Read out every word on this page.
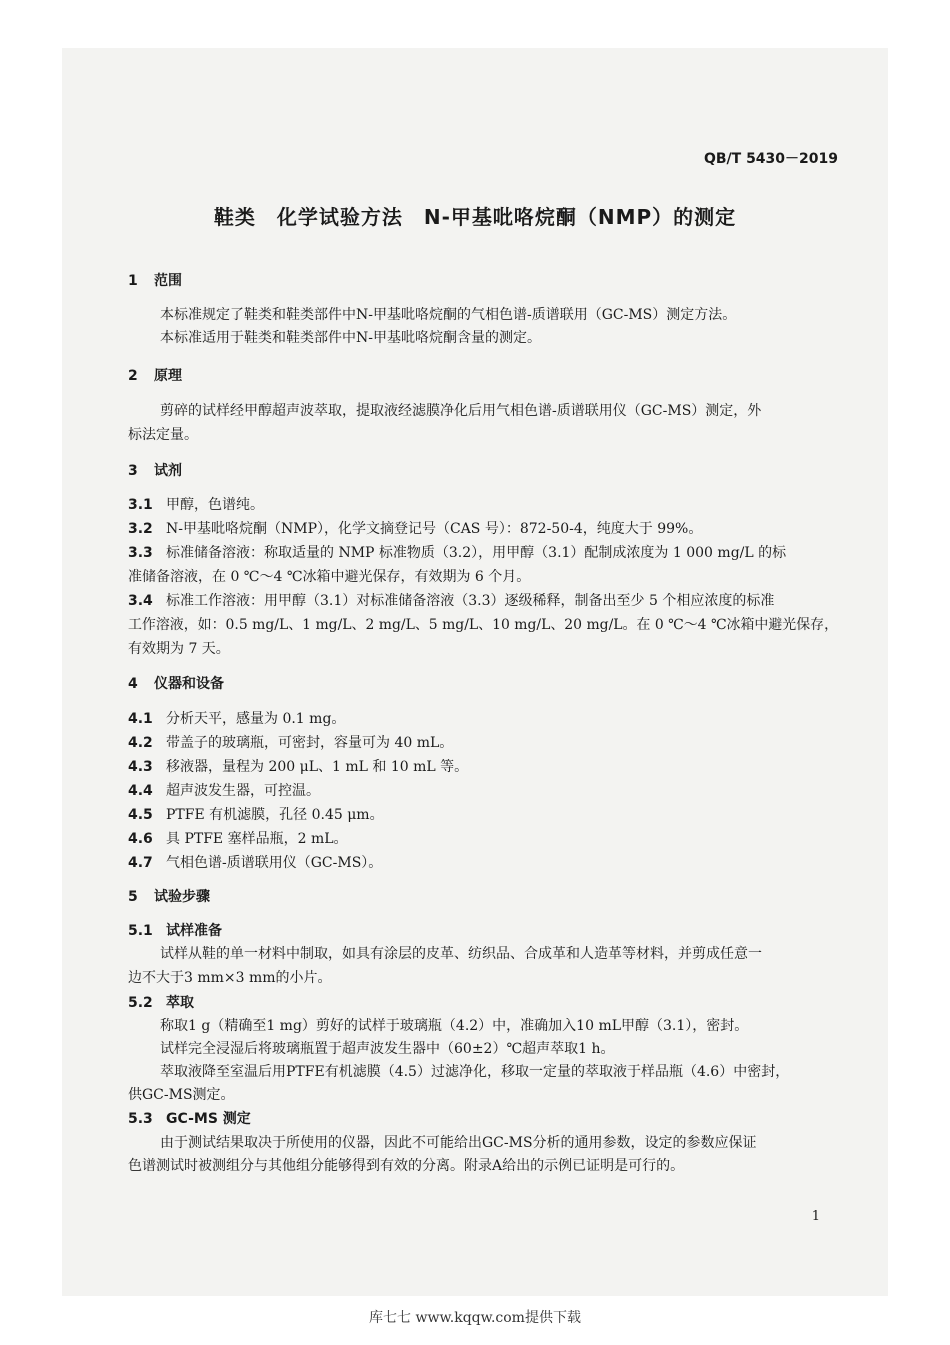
QB/T 5430－2019
鞋类　化学试验方法　N-甲基吡咯烷酮（NMP）的测定
1 范围
本标准规定了鞋类和鞋类部件中N-甲基吡咯烷酮的气相色谱-质谱联用（GC-MS）测定方法。
本标准适用于鞋类和鞋类部件中N-甲基吡咯烷酮含量的测定。
2 原理
剪碎的试样经甲醇超声波萃取，提取液经滤膜净化后用气相色谱-质谱联用仪（GC-MS）测定，外
标法定量。
3 试剂
3.1 甲醇，色谱纯。
3.2 N-甲基吡咯烷酮（NMP），化学文摘登记号（CAS 号）：872-50-4，纯度大于 99%。
3.3 标准储备溶液：称取适量的 NMP 标准物质（3.2），用甲醇（3.1）配制成浓度为 1 000 mg/L 的标
准储备溶液，在 0 ℃～4 ℃冰箱中避光保存，有效期为 6 个月。
3.4 标准工作溶液：用甲醇（3.1）对标准储备溶液（3.3）逐级稀释，制备出至少 5 个相应浓度的标准
工作溶液，如：0.5 mg/L、1 mg/L、2 mg/L、5 mg/L、10 mg/L、20 mg/L。在 0 ℃～4 ℃冰箱中避光保存，
有效期为 7 天。
4 仪器和设备
4.1 分析天平，感量为 0.1 mg。
4.2 带盖子的玻璃瓶，可密封，容量可为 40 mL。
4.3 移液器，量程为 200 μL、1 mL 和 10 mL 等。
4.4 超声波发生器，可控温。
4.5 PTFE 有机滤膜，孔径 0.45 μm。
4.6 具 PTFE 塞样品瓶，2 mL。
4.7 气相色谱-质谱联用仪（GC-MS）。
5 试验步骤
5.1 试样准备
试样从鞋的单一材料中制取，如具有涂层的皮革、纺织品、合成革和人造革等材料，并剪成任意一
边不大于3 mm×3 mm的小片。
5.2 萃取
称取1 g（精确至1 mg）剪好的试样于玻璃瓶（4.2）中，准确加入10 mL甲醇（3.1），密封。
试样完全浸湿后将玻璃瓶置于超声波发生器中（60±2）℃超声萃取1 h。
萃取液降至室温后用PTFE有机滤膜（4.5）过滤净化，移取一定量的萃取液于样品瓶（4.6）中密封，
供GC-MS测定。
5.3 GC-MS 测定
由于测试结果取决于所使用的仪器，因此不可能给出GC-MS分析的通用参数，设定的参数应保证
色谱测试时被测组分与其他组分能够得到有效的分离。附录A给出的示例已证明是可行的。
1
库七七 www.kqqw.com提供下载
